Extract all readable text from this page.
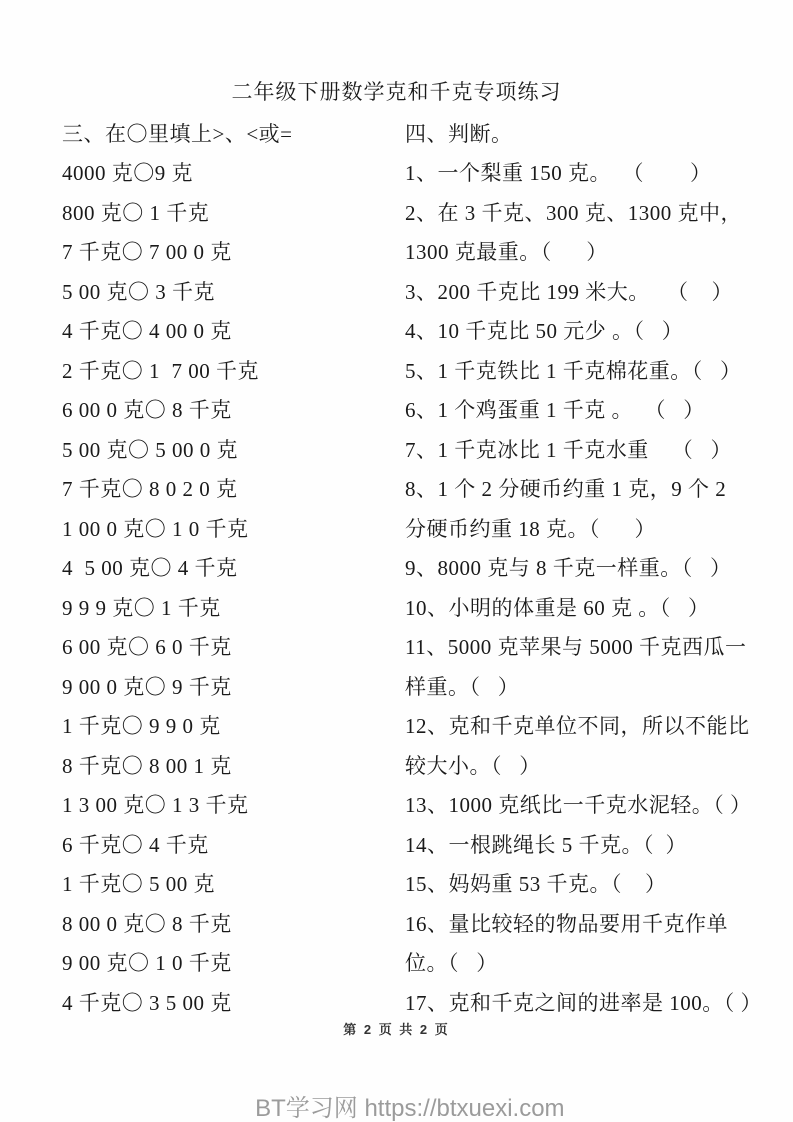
二年级下册数学克和千克专项练习
三、在〇里填上>、<或=
4000 克〇9 克
800 克〇 1 千克
7 千克〇 7 00 0 克
5 00 克〇 3 千克
4 千克〇 4 00 0 克
2 千克〇 1  7 00 千克
6 00 0 克〇 8 千克
5 00 克〇 5 00 0 克
7 千克〇 8 0 2 0 克
1 00 0 克〇 1 0 千克
4  5 00 克〇 4 千克
9 9 9 克〇 1 千克
6 00 克〇 6 0 千克
9 00 0 克〇 9 千克
1 千克〇 9 9 0 克
8 千克〇 8 00 1 克
1 3 00 克〇 1 3 千克
6 千克〇 4 千克
1 千克〇 5 00 克
8 00 0 克〇 8 千克
9 00 克〇 1 0 千克
4 千克〇 3 5 00 克
四、判断。
1、一个梨重 150 克。  （        ）
2、在 3 千克、300 克、1300 克中，
1300 克最重。（      ）
3、200 千克比 199 米大。   （    ）
4、10 千克比 50 元少 。（   ）
5、1 千克铁比 1 千克棉花重。（   ）
6、1 个鸡蛋重 1 千克 。  （   ）
7、1 千克冰比 1 千克水重    （   ）
8、1 个 2 分硬币约重 1 克，9 个 2
分硬币约重 18 克。（      ）
9、8000 克与 8 千克一样重。（   ）
10、小明的体重是 60 克 。（   ）
11、5000 克苹果与 5000 千克西瓜一
样重。（   ）
12、克和千克单位不同，所以不能比
较大小。（   ）
13、1000 克纸比一千克水泥轻。（ ）
14、一根跳绳长 5 千克。（  ）
15、妈妈重 53 千克。（    ）
16、量比较轻的物品要用千克作单
位。（   ）
17、克和千克之间的进率是 100。（ ）
第 2 页 共 2 页

BT学习网 https://btxuexi.com
